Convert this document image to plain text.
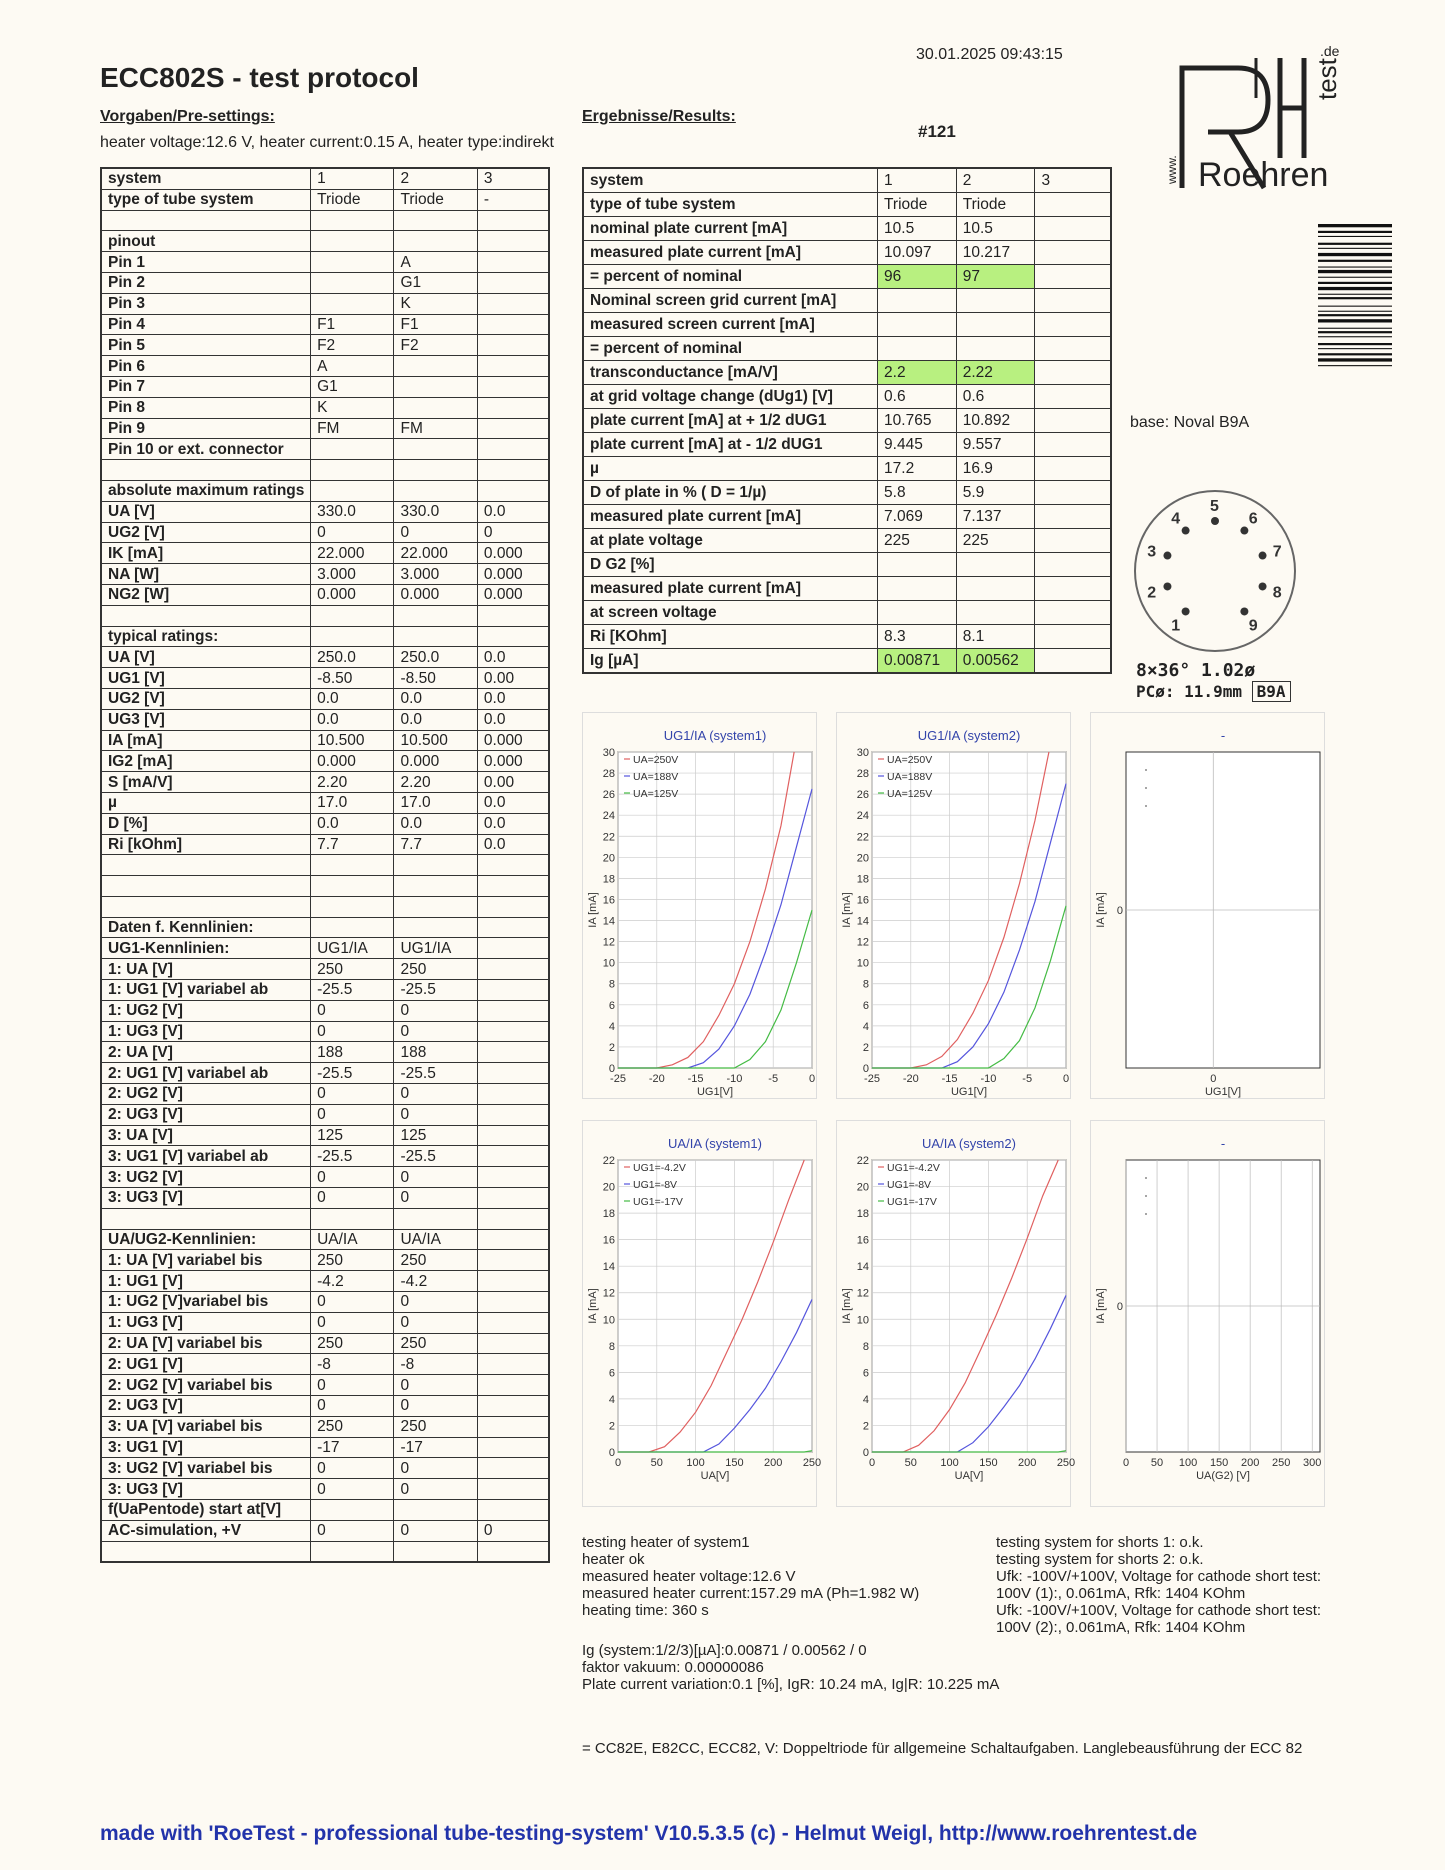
30.01.2025 09:43:15
ECC802S - test protocol
Vorgaben/Pre-settings:	Ergebnisse/Results:
heater voltage:12.6 V, heater current:0.15 A, heater type:indirekt
#121
Roehren
www.
test
.de
base: Noval B9A
1
2
3
4
5
6
7
8
9
8×36° 1.02ø
PCø: 11.9mm B9A
system	1	2	3
type of tube system	Triode	Triode	-

pinout			
Pin 1		A	
Pin 2		G1	
Pin 3		K	
Pin 4	F1	F1	
Pin 5	F2	F2	
Pin 6	A		
Pin 7	G1		
Pin 8	K		
Pin 9	FM	FM	
Pin 10 or ext. connector			

absolute maximum ratings			
UA [V]	330.0	330.0	0.0
UG2 [V]	0	0	0
IK [mA]	22.000	22.000	0.000
NA [W]	3.000	3.000	0.000
NG2 [W]	0.000	0.000	0.000

typical ratings:			
UA [V]	250.0	250.0	0.0
UG1 [V]	-8.50	-8.50	0.00
UG2 [V]	0.0	0.0	0.0
UG3 [V]	0.0	0.0	0.0
IA [mA]	10.500	10.500	0.000
IG2 [mA]	0.000	0.000	0.000
S [mA/V]	2.20	2.20	0.00
µ	17.0	17.0	0.0
D [%]	0.0	0.0	0.0
Ri [kOhm]	7.7	7.7	0.0

Daten f. Kennlinien:			
UG1-Kennlinien:	UG1/IA	UG1/IA	
1: UA [V]	250	250	
1: UG1 [V] variabel ab	-25.5	-25.5	
1: UG2 [V]	0	0	
1: UG3 [V]	0	0	
2: UA [V]	188	188	
2: UG1 [V] variabel ab	-25.5	-25.5	
2: UG2 [V]	0	0	
2: UG3 [V]	0	0	
3: UA [V]	125	125	
3: UG1 [V] variabel ab	-25.5	-25.5	
3: UG2 [V]	0	0	
3: UG3 [V]	0	0	

UA/UG2-Kennlinien:	UA/IA	UA/IA	
1: UA [V] variabel bis	250	250	
1: UG1 [V]	-4.2	-4.2	
1: UG2 [V]variabel bis	0	0	
1: UG3 [V]	0	0	
2: UA [V] variabel bis	250	250	
2: UG1 [V]	-8	-8	
2: UG2 [V] variabel bis	0	0	
2: UG3 [V]	0	0	
3: UA [V] variabel bis	250	250	
3: UG1 [V]	-17	-17	
3: UG2 [V] variabel bis	0	0	
3: UG3 [V]	0	0	
f(UaPentode) start at[V]			
AC-simulation, +V	0	0	0

system	1	2	3
type of tube system	Triode	Triode	
nominal plate current [mA]	10.5	10.5	
measured plate current [mA]	10.097	10.217	
= percent of nominal	96	97	
Nominal screen grid current [mA]			
measured screen current [mA]			
= percent of nominal			
transconductance [mA/V]	2.2	2.22	
at grid voltage change (dUg1) [V]	0.6	0.6	
plate current [mA] at + 1/2 dUG1	10.765	10.892	
plate current [mA] at - 1/2 dUG1	9.445	9.557	
µ	17.2	16.9	
D of plate in % ( D = 1/µ)	5.8	5.9	
measured plate current [mA]	7.069	7.137	
at plate voltage	225	225	
D G2 [%]			
measured plate current [mA]			
at screen voltage			
Ri [KOhm]	8.3	8.1	
Ig [µA]	0.00871	0.00562	
UG1/IA (system1)
-25 -20 -15 -10 -5	0
0
2
4
6
8
10
12
14
16
18
20
22
24
26
28
30
UG1[V]
IA [mA]
UA=250V
UA=188V
UA=125V
UG1/IA (system2)
-25 -20 -15 -10 -5	0
0
2
4
6
8
10
12
14
16
18
20
22
24
26
28
30
UG1[V]
IA [mA]
UA=250V
UA=188V
UA=125V
-
0
0
UG1[V]
IA [mA]
UA/IA (system1)
0	50 100 150 200 250
0
2
4
6
8
10
12
14
16
18
20
22
UA[V]
IA [mA]
UG1=-4.2V
UG1=-8V
UG1=-17V
UA/IA (system2)
0	50 100 150 200 250
0
2
4
6
8
10
12
14
16
18
20
22
UA[V]
IA [mA]
UG1=-4.2V
UG1=-8V
UG1=-17V
-
0
0 50 100 150 200 250 300
UA(G2) [V]
IA [mA]
testing heater of system1
heater ok
measured heater voltage:12.6 V
measured heater current:157.29 mA (Ph=1.982 W)
heating time: 360 s
testing system for shorts 1: o.k.
testing system for shorts 2: o.k.
Ufk: -100V/+100V, Voltage for cathode short test:
100V (1):, 0.061mA, Rfk: 1404 KOhm
Ufk: -100V/+100V, Voltage for cathode short test:
100V (2):, 0.061mA, Rfk: 1404 KOhm
Ig (system:1/2/3)[µA]:0.00871 / 0.00562 / 0
faktor vakuum: 0.00000086
Plate current variation:0.1 [%], IgR: 10.24 mA, Ig|R: 10.225 mA
= CC82E, E82CC, ECC82, V: Doppeltriode für allgemeine Schaltaufgaben. Langlebeausführung der ECC 82
made with 'RoeTest - professional tube-testing-system' V10.5.3.5 (c) - Helmut Weigl, http://www.roehrentest.de
